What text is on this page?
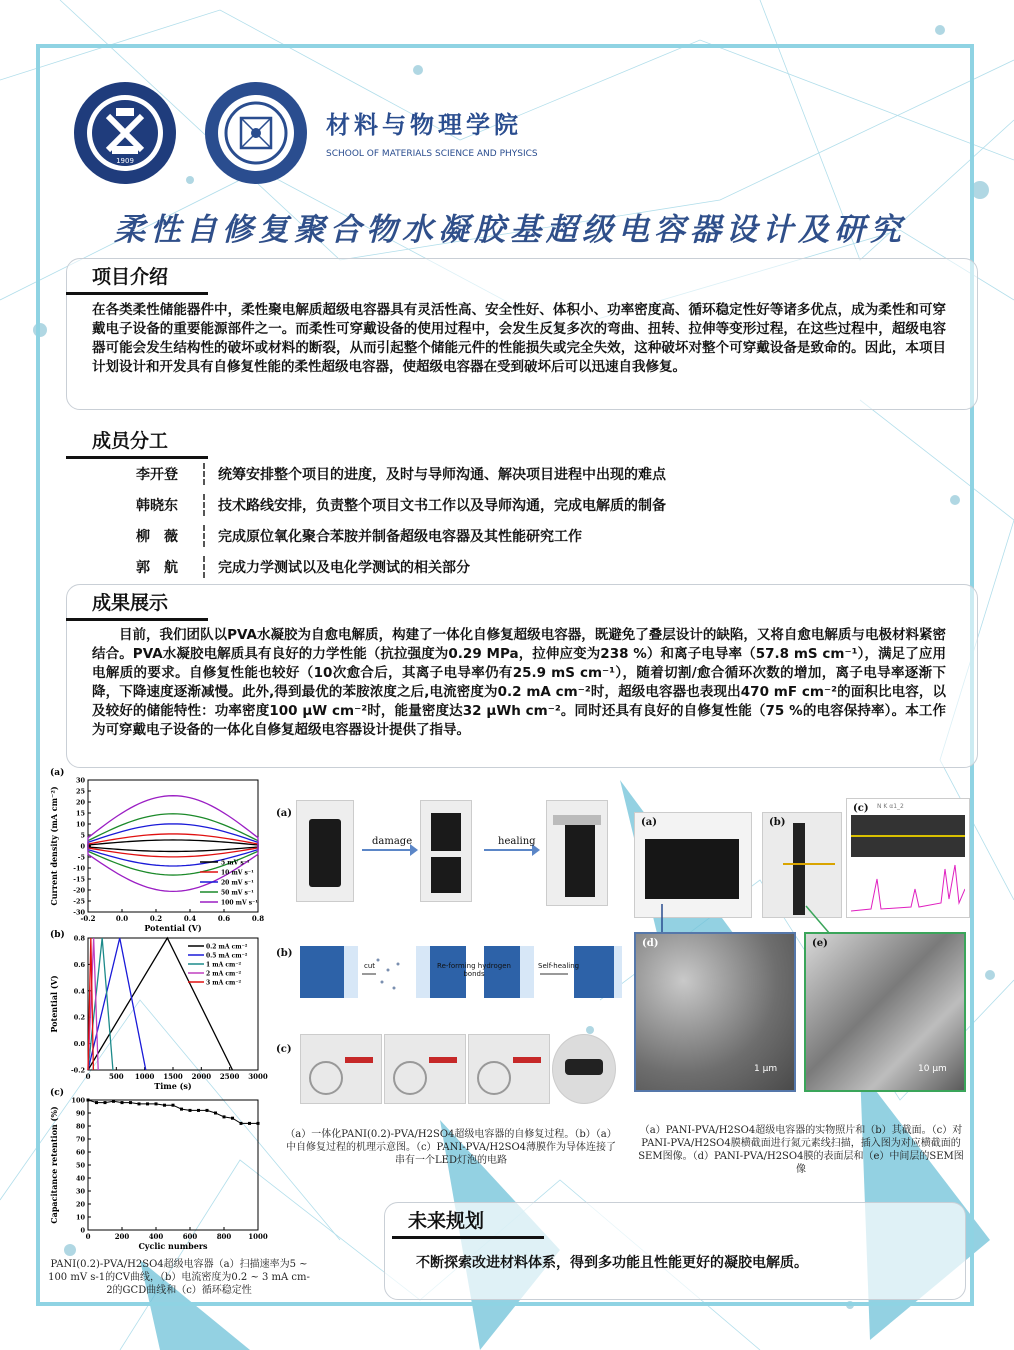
1909
材料与物理学院
SCHOOL OF MATERIALS SCIENCE AND PHYSICS
柔性自修复聚合物水凝胶基超级电容器设计及研究
项目介绍
在各类柔性储能器件中，柔性聚电解质超级电容器具有灵活性高、安全性好、体积小、功率密度高、循环稳定性好等诸多优点，成为柔性和可穿戴电子设备的重要能源部件之一。而柔性可穿戴设备的使用过程中，会发生反复多次的弯曲、扭转、拉伸等变形过程，在这些过程中，超级电容器可能会发生结构性的破坏或材料的断裂，从而引起整个储能元件的性能损失或完全失效，这种破坏对整个可穿戴设备是致命的。因此，本项目计划设计和开发具有自修复性能的柔性超级电容器，使超级电容器在受到破坏后可以迅速自我修复。
成员分工
李开登	统筹安排整个项目的进度，及时与导师沟通、解决项目进程中出现的难点
韩晓东	技术路线安排，负责整个项目文书工作以及导师沟通，完成电解质的制备
柳　薇	完成原位氧化聚合苯胺并制备超级电容器及其性能研究工作
郭　航	完成力学测试以及电化学测试的相关部分
成果展示
目前，我们团队以PVA水凝胶为自愈电解质，构建了一体化自修复超级电容器，既避免了叠层设计的缺陷，又将自愈电解质与电极材料紧密结合。PVA水凝胶电解质具有良好的力学性能（抗拉强度为0.29 MPa，拉伸应变为238 %）和离子电导率（57.8 mS cm⁻¹），满足了应用电解质的要求。自修复性能也较好（10次愈合后，其离子电导率仍有25.9 mS cm⁻¹），随着切割/愈合循环次数的增加，离子电导率逐渐下降，下降速度逐渐减慢。此外,得到最优的苯胺浓度之后,电流密度为0.2 mA cm⁻²时，超级电容器也表现出470 mF cm⁻²的面积比电容，以及较好的储能特性：功率密度100 μW cm⁻²时，能量密度达32 μWh cm⁻²。同时还具有良好的自修复性能（75 %的电容保持率）。本工作为可穿戴电子设备的一体化自修复超级电容器设计提供了指导。
-0.2	0.0	0.2	0.4	0.6	0.8
30
25
20
15
10
5
0
-5
-10
-15
-20
-25
-30
Potential (V)
Current density (mA cm⁻²)
(a)
5 mV s⁻¹
10 mV s⁻¹
20 mV s⁻¹
50 mV s⁻¹
100 mV s⁻¹
0	500 1000 1500 2000 2500 3000
0.8
0.6
0.4
0.2
0.0
-0.2
Time (s)
Potential (V)
(b)
0.2 mA cm⁻²
0.5 mA cm⁻²
1 mA cm⁻²
2 mA cm⁻²
3 mA cm⁻²
0	200	400	600	800 1000
100
90
80
70
60
50
40
30
20
10
0
Cyclic numbers
Capacitance retention (%)
(c)
PANI(0.2)-PVA/H2SO4超级电容器（a）扫描速率为5 ~ 100 mV s-1的CV曲线，（b）电流密度为0.2 ~ 3 mA cm-2的GCD曲线和（c）循环稳定性
(a)
damage	healing
(b)
cut	Re-forming hydrogen bonds
Self-healing
(c)
（a）一体化PANI(0.2)-PVA/H2SO4超级电容器的自修复过程。（b）（a）中自修复过程的机理示意图。（c）PANI-PVA/H2SO4薄膜作为导体连接了串有一个LED灯泡的电路
(a)	(b)
(c) N K α1_2
(d)
1 μm
(e)
10 μm
（a）PANI-PVA/H2SO4超级电容器的实物照片和（b）其截面。（c）对PANI-PVA/H2SO4膜横截面进行氮元素线扫描，插入图为对应横截面的SEM图像。（d）PANI-PVA/H2SO4膜的表面层和（e）中间层的SEM图像
未来规划
不断探索改进材料体系，得到多功能且性能更好的凝胶电解质。
